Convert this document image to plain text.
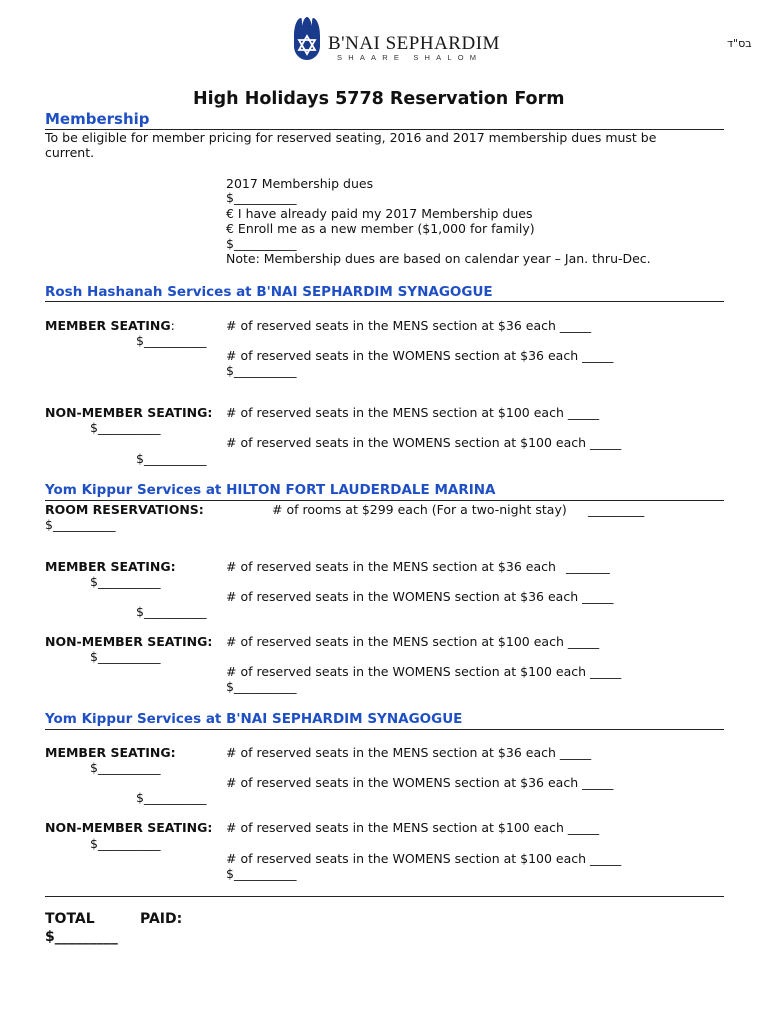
B'NAI SEPHARDIM
SHAARE SHALOM
בס"ד
High Holidays 5778 Reservation Form
Membership
To be eligible for member pricing for reserved seating, 2016 and 2017 membership dues must be
current.
2017 Membership dues
$__________
€ I have already paid my 2017 Membership dues
€ Enroll me as a new member ($1,000 for family)
$__________
Note: Membership dues are based on calendar year – Jan. thru-Dec.
Rosh Hashanah Services at B'NAI SEPHARDIM SYNAGOGUE
MEMBER SEATING:	# of reserved seats in the MENS section at $36 each _____
$__________
# of reserved seats in the WOMENS section at $36 each _____
$__________
NON-MEMBER SEATING: # of reserved seats in the MENS section at $100 each _____
$__________
# of reserved seats in the WOMENS section at $100 each _____
$__________
Yom Kippur Services at HILTON FORT LAUDERDALE MARINA
ROOM RESERVATIONS:	# of rooms at $299 each (For a two-night stay) _________
$__________
MEMBER SEATING:	# of reserved seats in the MENS section at $36 each _______
$__________
# of reserved seats in the WOMENS section at $36 each _____
$__________
NON-MEMBER SEATING: # of reserved seats in the MENS section at $100 each _____
$__________
# of reserved seats in the WOMENS section at $100 each _____
$__________
Yom Kippur Services at B'NAI SEPHARDIM SYNAGOGUE
MEMBER SEATING:	# of reserved seats in the MENS section at $36 each _____
$__________
# of reserved seats in the WOMENS section at $36 each _____
$__________
NON-MEMBER SEATING: # of reserved seats in the MENS section at $100 each _____
$__________
# of reserved seats in the WOMENS section at $100 each _____
$__________
TOTAL	PAID:
$_________
